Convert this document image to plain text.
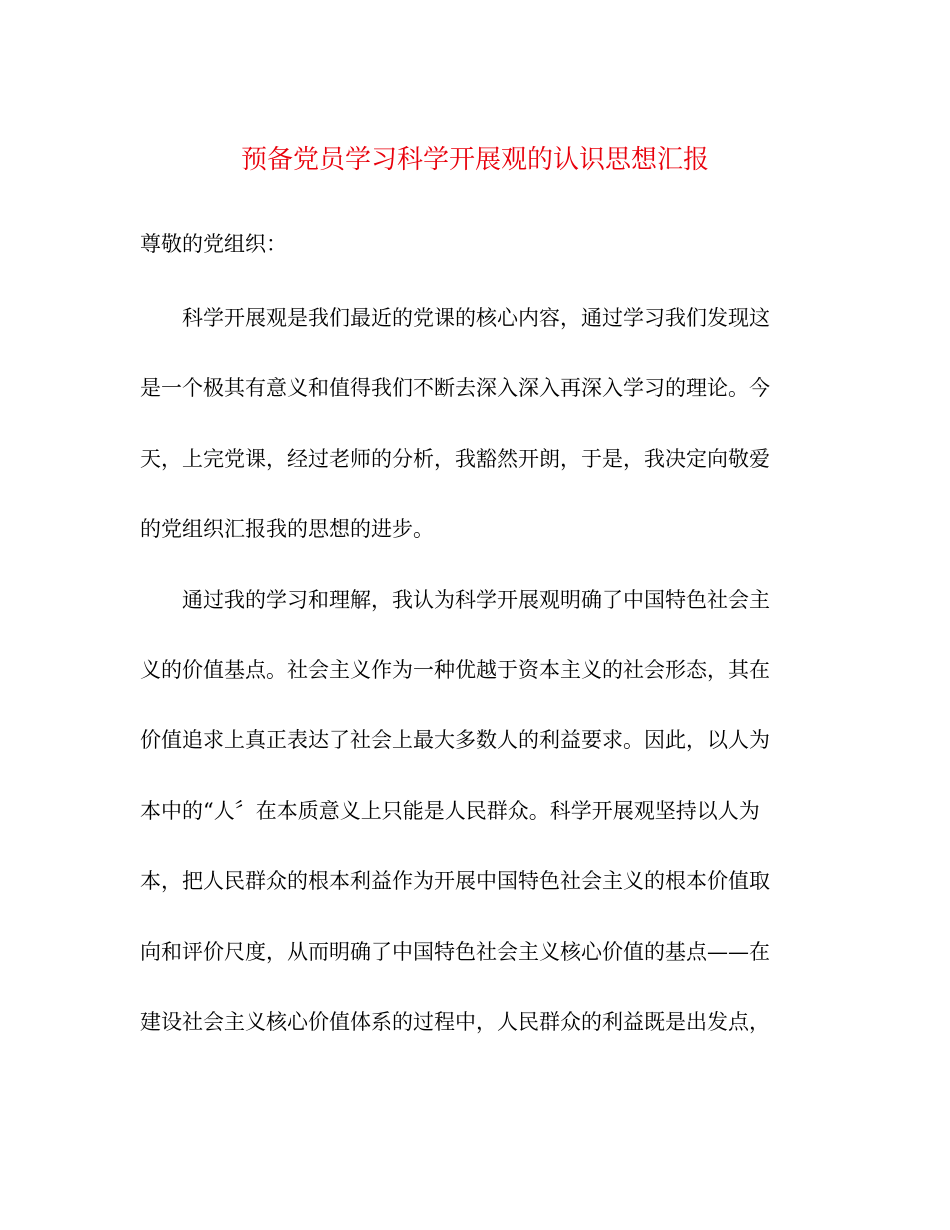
预备党员学习科学开展观的认识思想汇报
尊敬的党组织：
　　科学开展观是我们最近的党课的核心内容，通过学习我们发现这
是一个极其有意义和值得我们不断去深入深入再深入学习的理论。今
天，上完党课，经过老师的分析，我豁然开朗，于是，我决定向敬爱
的党组织汇报我的思想的进步。
　　通过我的学习和理解，我认为科学开展观明确了中国特色社会主
义的价值基点。社会主义作为一种优越于资本主义的社会形态，其在
价值追求上真正表达了社会上最大多数人的利益要求。因此，以人为
本中的“人〞在本质意义上只能是人民群众。科学开展观坚持以人为
本，把人民群众的根本利益作为开展中国特色社会主义的根本价值取
向和评价尺度，从而明确了中国特色社会主义核心价值的基点——在
建设社会主义核心价值体系的过程中，人民群众的利益既是出发点，
